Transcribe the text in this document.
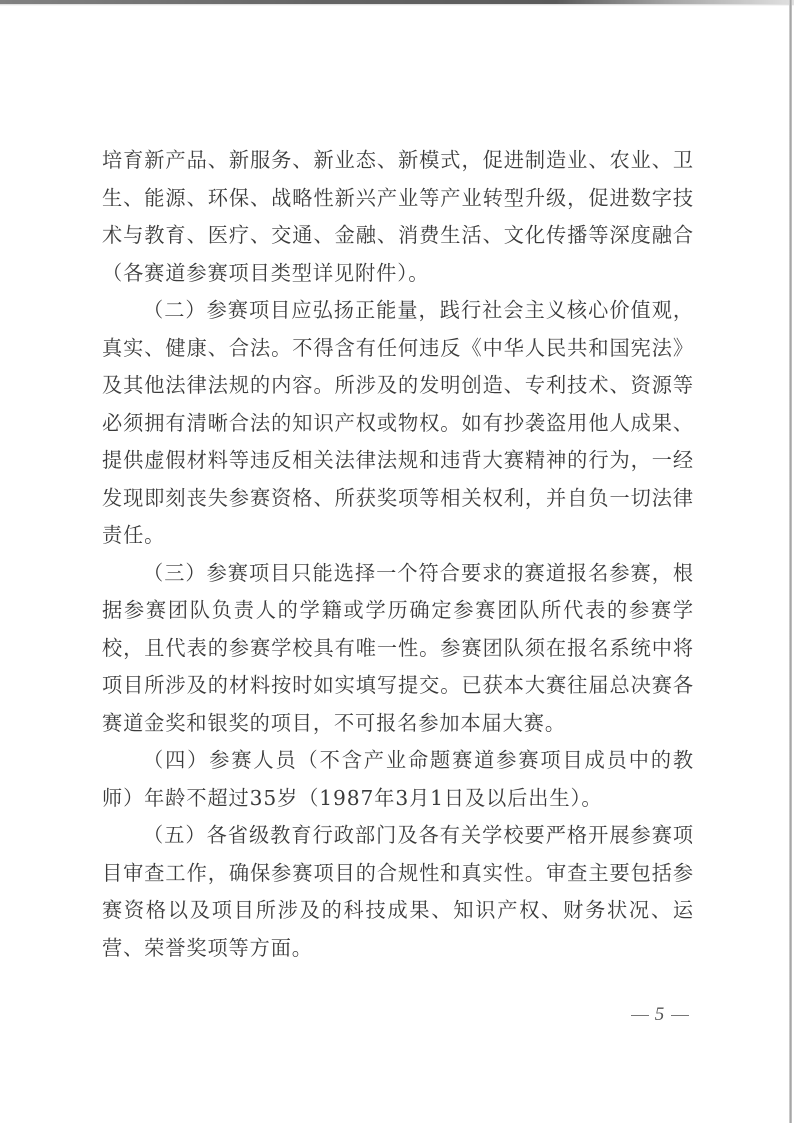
培育新产品、新服务、新业态、新模式，促进制造业、农业、卫生、能源、环保、战略性新兴产业等产业转型升级，促进数字技术与教育、医疗、交通、金融、消费生活、文化传播等深度融合（各赛道参赛项目类型详见附件）。

（二）参赛项目应弘扬正能量，践行社会主义核心价值观，真实、健康、合法。不得含有任何违反《中华人民共和国宪法》及其他法律法规的内容。所涉及的发明创造、专利技术、资源等必须拥有清晰合法的知识产权或物权。如有抄袭盗用他人成果、提供虚假材料等违反相关法律法规和违背大赛精神的行为，一经发现即刻丧失参赛资格、所获奖项等相关权利，并自负一切法律责任。

（三）参赛项目只能选择一个符合要求的赛道报名参赛，根据参赛团队负责人的学籍或学历确定参赛团队所代表的参赛学校，且代表的参赛学校具有唯一性。参赛团队须在报名系统中将项目所涉及的材料按时如实填写提交。已获本大赛往届总决赛各赛道金奖和银奖的项目，不可报名参加本届大赛。

（四）参赛人员（不含产业命题赛道参赛项目成员中的教师）年龄不超过35岁（1987年3月1日及以后出生）。

（五）各省级教育行政部门及各有关学校要严格开展参赛项目审查工作，确保参赛项目的合规性和真实性。审查主要包括参赛资格以及项目所涉及的科技成果、知识产权、财务状况、运营、荣誉奖项等方面。

5
